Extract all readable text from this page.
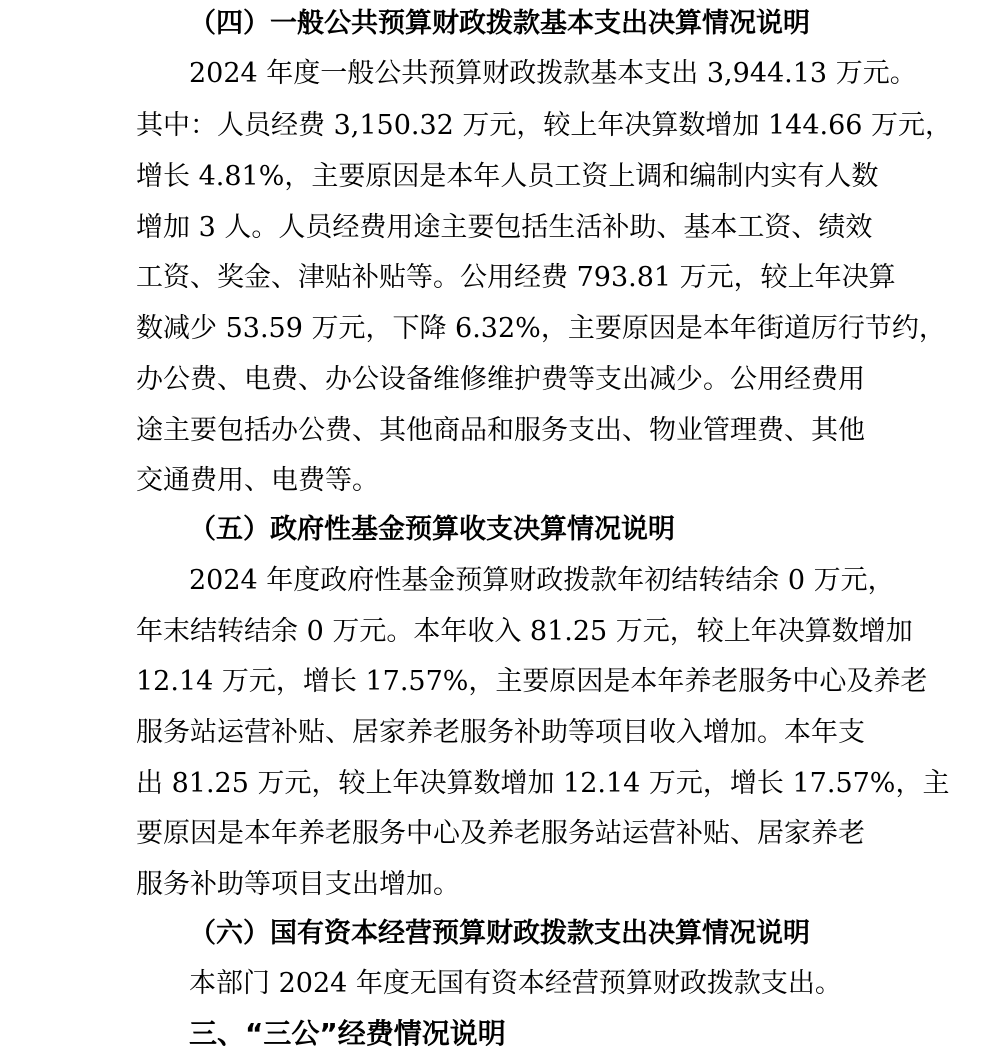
（四）一般公共预算财政拨款基本支出决算情况说明
2024 年度一般公共预算财政拨款基本支出 3,944.13 万元。
其中：人员经费 3,150.32 万元，较上年决算数增加 144.66 万元，
增长 4.81%，主要原因是本年人员工资上调和编制内实有人数
增加 3 人。人员经费用途主要包括生活补助、基本工资、绩效
工资、奖金、津贴补贴等。公用经费 793.81 万元，较上年决算
数减少 53.59 万元，下降 6.32%，主要原因是本年街道厉行节约，
办公费、电费、办公设备维修维护费等支出减少。公用经费用
途主要包括办公费、其他商品和服务支出、物业管理费、其他
交通费用、电费等。
（五）政府性基金预算收支决算情况说明
2024 年度政府性基金预算财政拨款年初结转结余 0 万元，
年末结转结余 0 万元。本年收入 81.25 万元，较上年决算数增加
12.14 万元，增长 17.57%，主要原因是本年养老服务中心及养老
服务站运营补贴、居家养老服务补助等项目收入增加。本年支
出 81.25 万元，较上年决算数增加 12.14 万元，增长 17.57%，主
要原因是本年养老服务中心及养老服务站运营补贴、居家养老
服务补助等项目支出增加。
（六）国有资本经营预算财政拨款支出决算情况说明
本部门 2024 年度无国有资本经营预算财政拨款支出。
三、“三公”经费情况说明
